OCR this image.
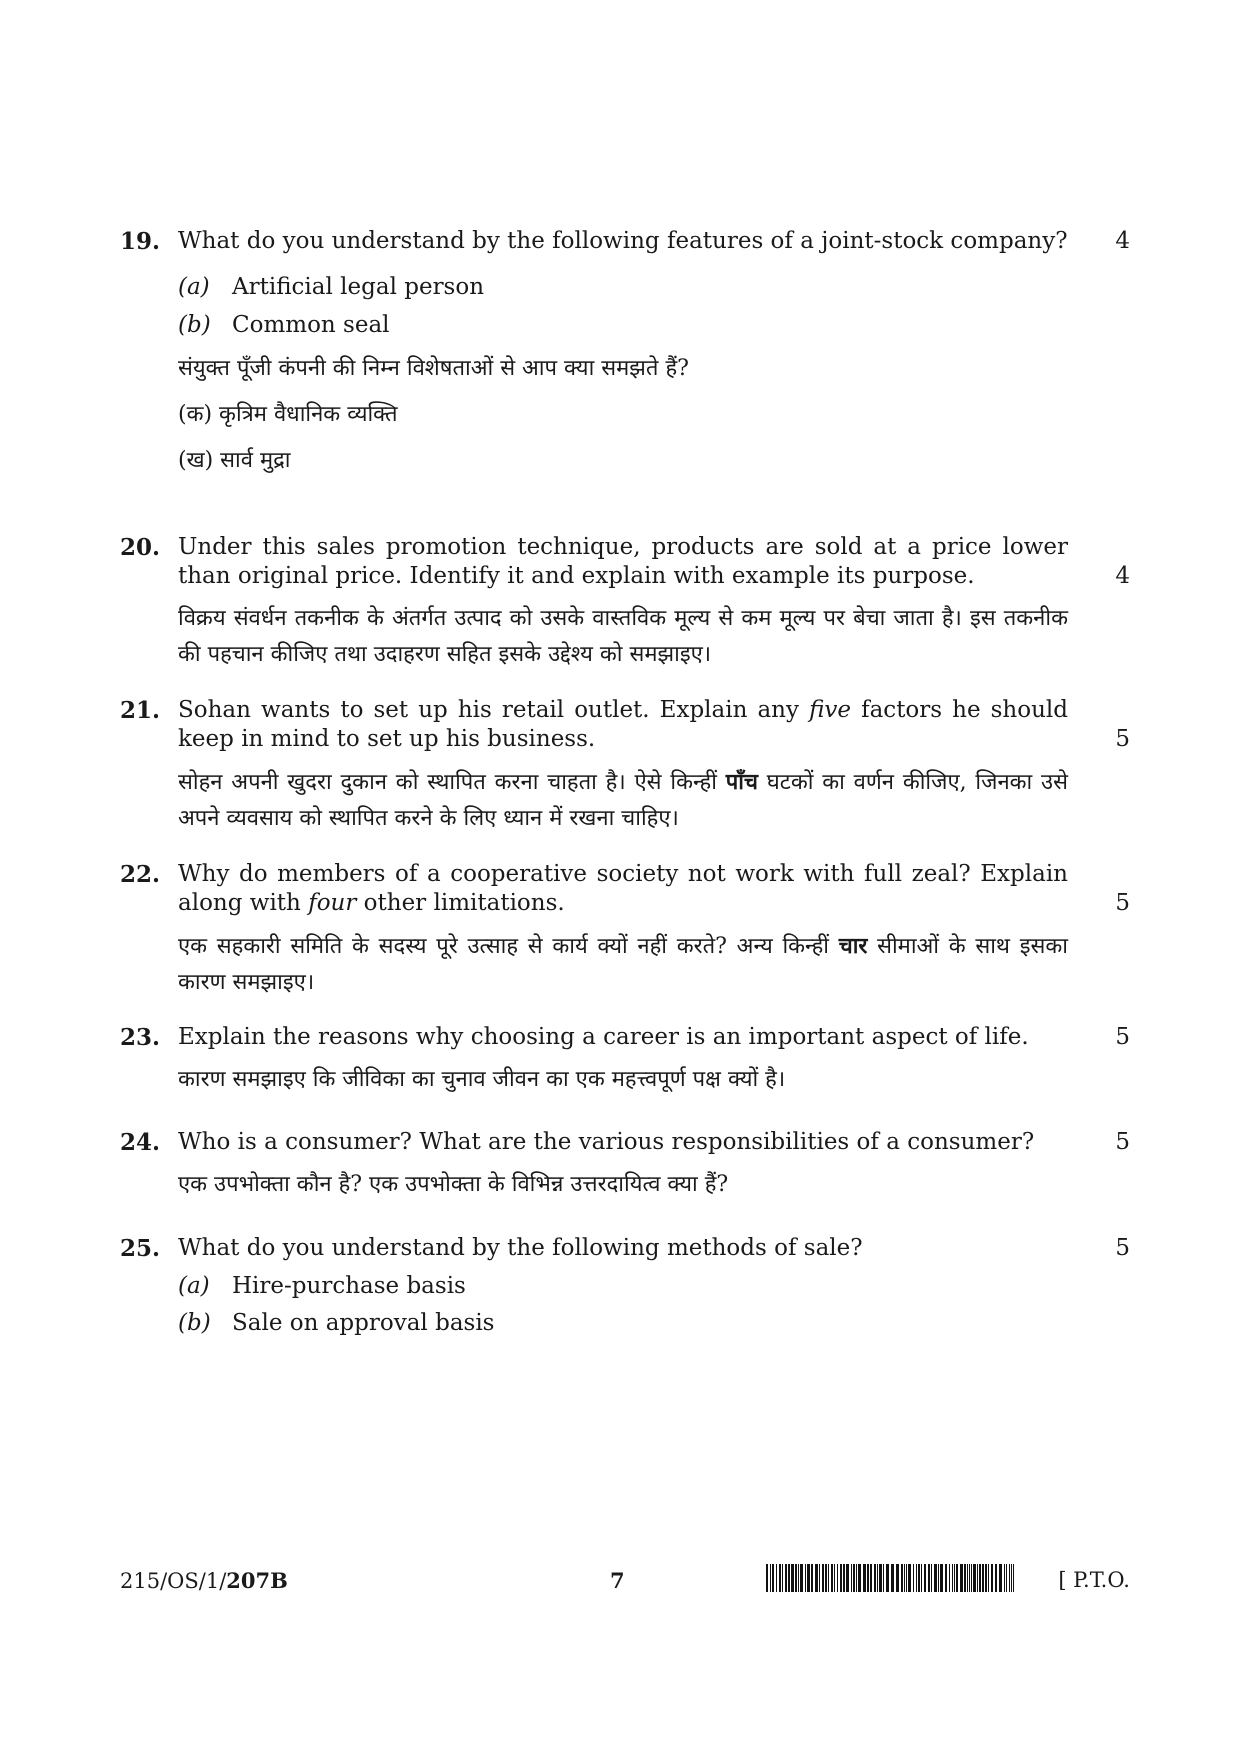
19. What do you understand by the following features of a joint-stock company?	4
(a) Artificial legal person
(b) Common seal
संयुक्त पूँजी कंपनी की निम्न विशेषताओं से आप क्या समझते हैं?
(क) कृत्रिम वैधानिक व्यक्ति
(ख) सार्व मुद्रा
20. Under this sales promotion technique, products are sold at a price lower than original price. Identify it and explain with example its purpose.	4
विक्रय संवर्धन तकनीक के अंतर्गत उत्पाद को उसके वास्तविक मूल्य से कम मूल्य पर बेचा जाता है। इस तकनीक की पहचान कीजिए तथा उदाहरण सहित इसके उद्देश्य को समझाइए।
21. Sohan wants to set up his retail outlet. Explain any five factors he should keep in mind to set up his business.	5
सोहन अपनी खुदरा दुकान को स्थापित करना चाहता है। ऐसे किन्हीं पाँच घटकों का वर्णन कीजिए, जिनका उसे अपने व्यवसाय को स्थापित करने के लिए ध्यान में रखना चाहिए।
22. Why do members of a cooperative society not work with full zeal? Explain along with four other limitations.	5
एक सहकारी समिति के सदस्य पूरे उत्साह से कार्य क्यों नहीं करते? अन्य किन्हीं चार सीमाओं के साथ इसका कारण समझाइए।
23. Explain the reasons why choosing a career is an important aspect of life.	5
कारण समझाइए कि जीविका का चुनाव जीवन का एक महत्त्वपूर्ण पक्ष क्यों है।
24. Who is a consumer? What are the various responsibilities of a consumer?	5
एक उपभोक्ता कौन है? एक उपभोक्ता के विभिन्न उत्तरदायित्व क्या हैं?
25. What do you understand by the following methods of sale?	5
(a) Hire-purchase basis
(b) Sale on approval basis
215/OS/1/207B	7	[ P.T.O.
